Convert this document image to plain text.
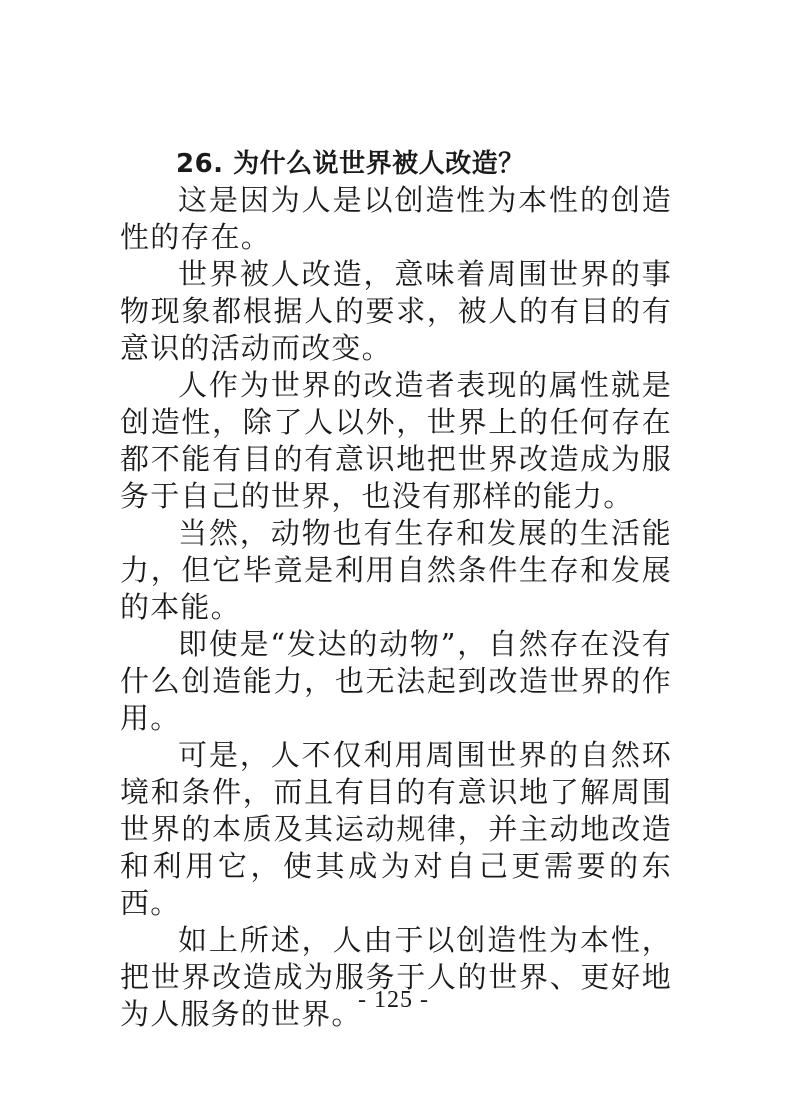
26. 为什么说世界被人改造？

这是因为人是以创造性为本性的创造性的存在。

世界被人改造，意味着周围世界的事物现象都根据人的要求，被人的有目的有意识的活动而改变。

人作为世界的改造者表现的属性就是创造性，除了人以外，世界上的任何存在都不能有目的有意识地把世界改造成为服务于自己的世界，也没有那样的能力。

当然，动物也有生存和发展的生活能力，但它毕竟是利用自然条件生存和发展的本能。

即使是“发达的动物”，自然存在没有什么创造能力，也无法起到改造世界的作用。

可是，人不仅利用周围世界的自然环境和条件，而且有目的有意识地了解周围世界的本质及其运动规律，并主动地改造和利用它，使其成为对自己更需要的东西。

如上所述，人由于以创造性为本性，把世界改造成为服务于人的世界、更好地为人服务的世界。

- 125 -
